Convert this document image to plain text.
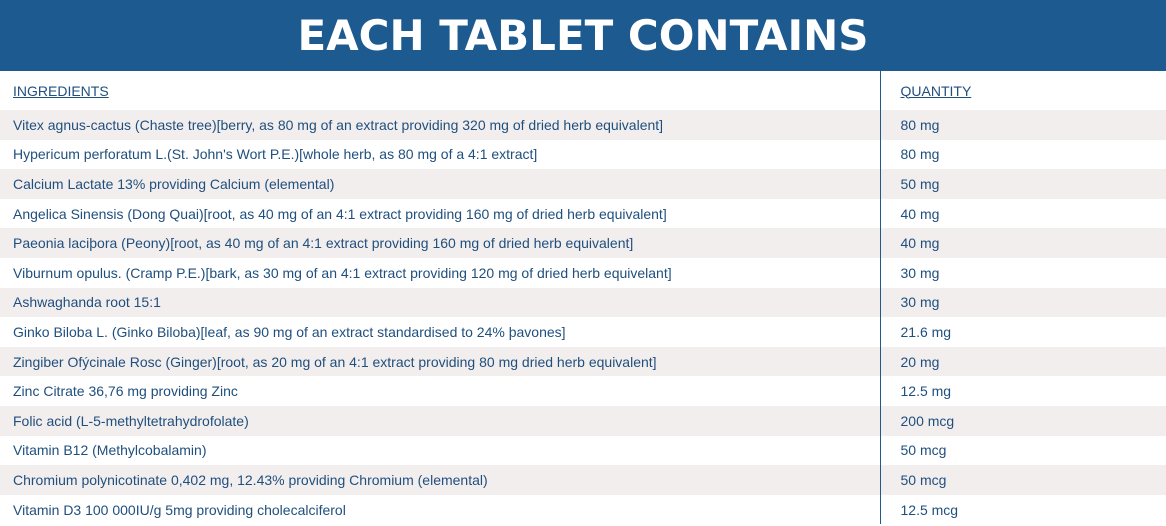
EACH TABLET CONTAINS
INGREDIENTS	QUANTITY
Vitex agnus-cactus (Chaste tree)[berry, as 80 mg of an extract providing 320 mg of dried herb equivalent]	80 mg
Hypericum perforatum L.(St. John's Wort P.E.)[whole herb, as 80 mg of a 4:1 extract]	80 mg
Calcium Lactate 13% providing Calcium (elemental)	50 mg
Angelica Sinensis (Dong Quai)[root, as 40 mg of an 4:1 extract providing 160 mg of dried herb equivalent]	40 mg
Paeonia laciþora (Peony)[root, as 40 mg of an 4:1 extract providing 160 mg of dried herb equivalent]	40 mg
Viburnum opulus. (Cramp P.E.)[bark, as 30 mg of an 4:1 extract providing 120 mg of dried herb equivelant]	30 mg
Ashwaghanda root 15:1	30 mg
Ginko Biloba L. (Ginko Biloba)[leaf, as 90 mg of an extract standardised to 24% þavones]	21.6 mg
Zingiber Ofýcinale Rosc (Ginger)[root, as 20 mg of an 4:1 extract providing 80 mg dried herb equivalent]	20 mg
Zinc Citrate 36,76 mg providing Zinc	12.5 mg
Folic acid (L-5-methyltetrahydrofolate)	200 mcg
Vitamin B12 (Methylcobalamin)	50 mcg
Chromium polynicotinate 0,402 mg, 12.43% providing Chromium (elemental)	50 mcg
Vitamin D3 100 000IU/g 5mg providing cholecalciferol	12.5 mcg
